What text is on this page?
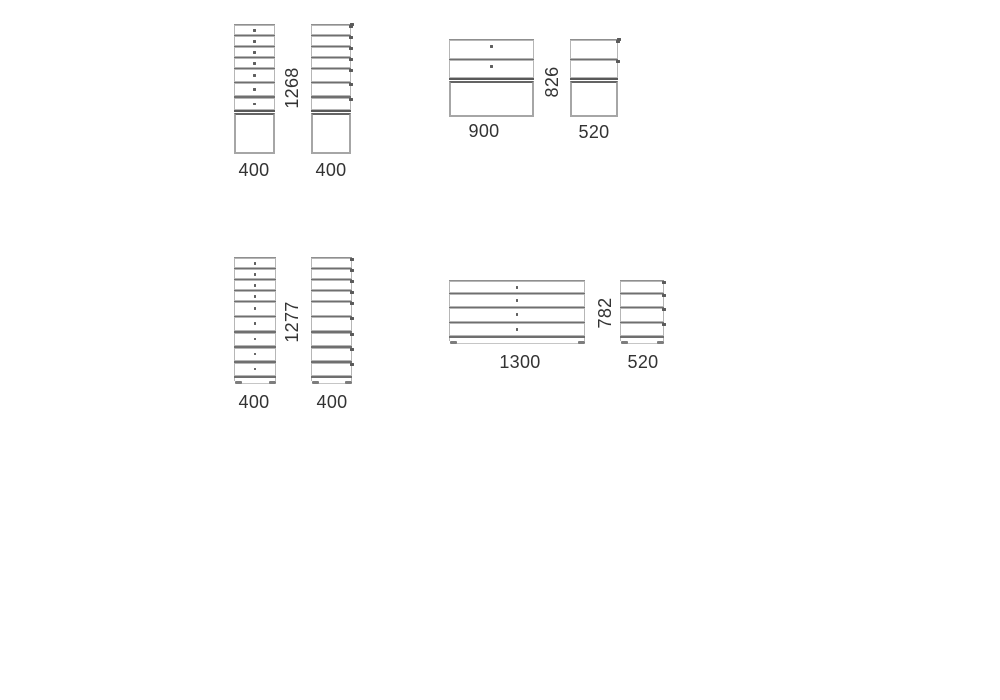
400	400
1268
900	520
826
400	400
1277
1300	520
782
